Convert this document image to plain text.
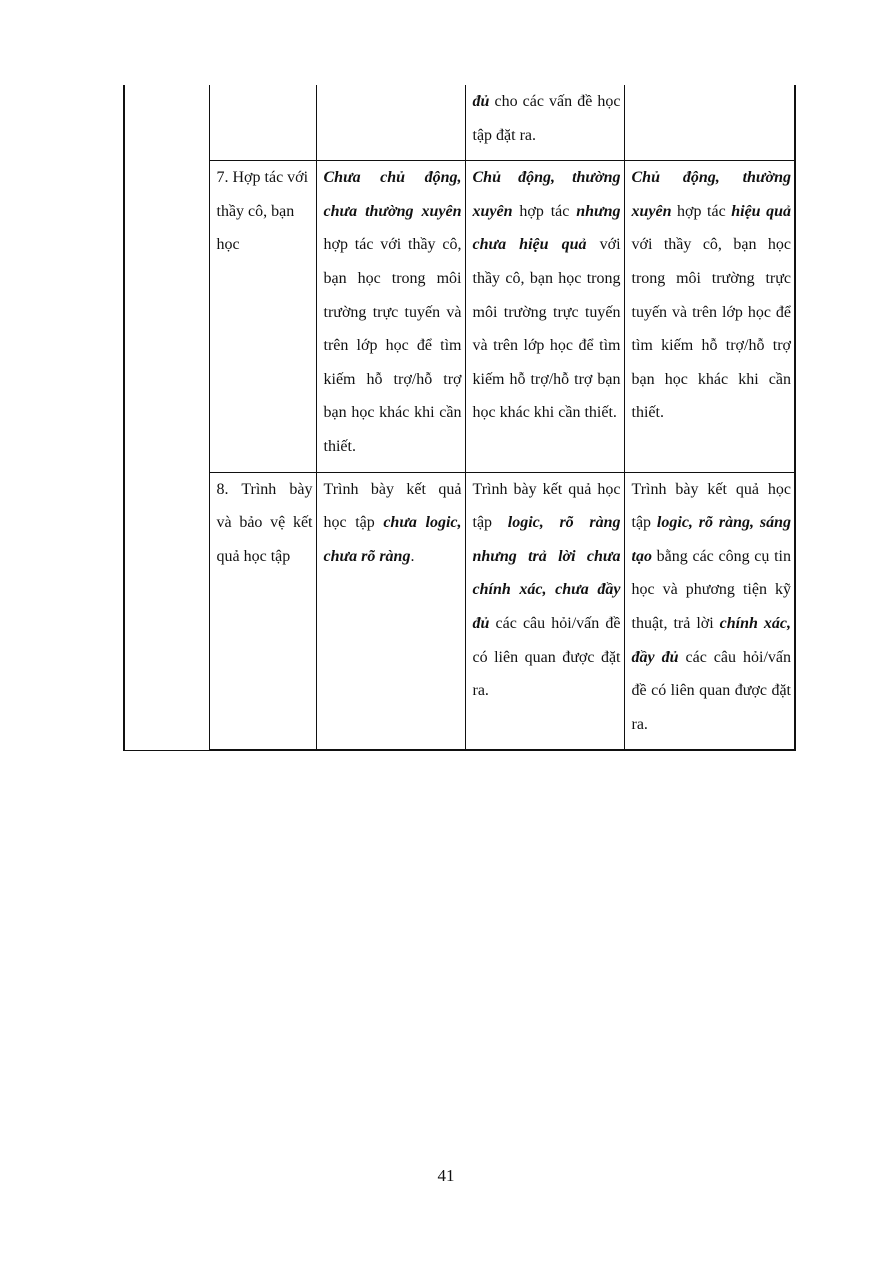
			đủ cho các vấn đề học tập đặt ra.	
	7. Hợp tác với thầy cô, bạn học	Chưa chủ động, chưa thường xuyên hợp tác với thầy cô, bạn học trong môi trường trực tuyến và trên lớp học để tìm kiếm hỗ trợ/hỗ trợ bạn học khác khi cần thiết.	Chủ động, thường xuyên hợp tác nhưng chưa hiệu quả với thầy cô, bạn học trong môi trường trực tuyến và trên lớp học để tìm kiếm hỗ trợ/hỗ trợ bạn học khác khi cần thiết.	Chủ động, thường xuyên hợp tác hiệu quả với thầy cô, bạn học trong môi trường trực tuyến và trên lớp học để tìm kiếm hỗ trợ/hỗ trợ bạn học khác khi cần thiết.
	8. Trình bày và bảo vệ kết quả học tập	Trình bày kết quả học tập chưa logic, chưa rõ ràng.	Trình bày kết quả học tập logic, rõ ràng nhưng trả lời chưa chính xác, chưa đầy đủ các câu hỏi/vấn đề có liên quan được đặt ra.	Trình bày kết quả học tập logic, rõ ràng, sáng tạo bằng các công cụ tin học và phương tiện kỹ thuật, trả lời chính xác, đầy đủ các câu hỏi/vấn đề có liên quan được đặt ra.
41
